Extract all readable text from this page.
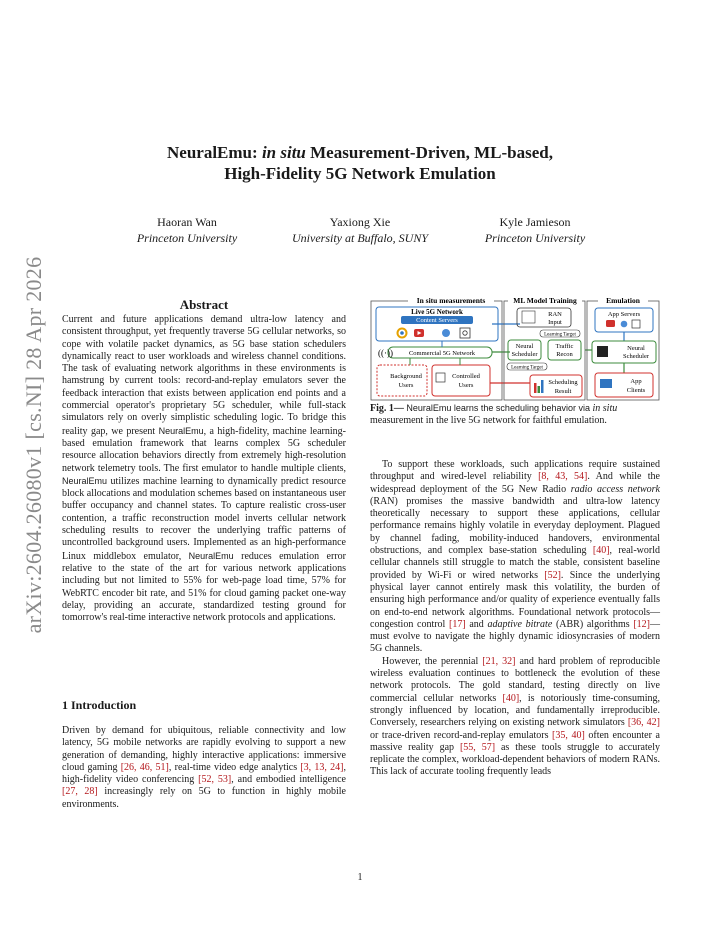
arXiv:2604.26080v1 [cs.NI] 28 Apr 2026
NeuralEmu: in situ Measurement-Driven, ML-based,
High-Fidelity 5G Network Emulation
Haoran Wan
Princeton University
Yaxiong Xie
University at Buffalo, SUNY
Kyle Jamieson
Princeton University
Abstract

Current and future applications demand ultra-low latency and consistent throughput, yet frequently traverse 5G cellular networks, so cope with volatile packet dynamics, as 5G base station schedulers dynamically react to user workloads and wireless channel conditions. The task of evaluating network algorithms in these environments is hamstrung by current tools: record-and-replay emulators sever the feedback interaction that exists between application end points and a commercial operator's proprietary 5G scheduler, while full-stack simulators rely on overly simplistic scheduling logic. To bridge this reality gap, we present NeuralEmu, a high-fidelity, machine learning-based emulation framework that learns complex 5G scheduler resource allocation behaviors directly from extremely high-resolution network telemetry tools. The first emulator to handle multiple clients, NeuralEmu utilizes machine learning to dynamically predict resource block allocations and modulation schemes based on instantaneous user buffer occupancy and channel states. To capture realistic cross-user contention, a traffic reconstruction model inverts cellular network scheduling results to recover the underlying traffic patterns of uncontrolled background users. Implemented as an high-performance Linux middlebox emulator, NeuralEmu reduces emulation error relative to the state of the art for various network applications including but not limited to 55% for web-page load time, 57% for WebRTC encoder bit rate, and 51% for cloud gaming packet one-way delay, providing an accurate, standardized testing ground for tomorrow's real-time interactive network protocols and applications.

1 Introduction

Driven by demand for ubiquitous, reliable connectivity and low latency, 5G mobile networks are rapidly evolving to support a new generation of demanding, highly interactive applications: immersive cloud gaming [26, 46, 51], real-time video edge analytics [3, 13, 24], high-fidelity video conferencing [52, 53], and embodied intelligence [27, 28] increasingly rely on 5G to function in highly mobile environments.

In situ measurements
Live 5G Network
Content Servers
((·)) Commercial 5G Network
Background
Users
Controlled
Users
ML Model Training
RAN
Input
Learning Target
Neural
Scheduler
Traffic
Recon
Learning Target
Scheduling
Result
Emulation
App Servers
Neural
Scheduler
App
Clients
Fig. 1— NeuralEmu learns the scheduling behavior via in situ measurement in the live 5G network for faithful emulation.

To support these workloads, such applications require sustained throughput and wired-level reliability [8, 43, 54]. And while the widespread deployment of the 5G New Radio radio access network (RAN) promises the massive bandwidth and ultra-low latency theoretically necessary to support these applications, cellular performance remains highly volatile in everyday deployment. Plagued by channel fading, mobility-induced handovers, environmental obstructions, and complex base-station scheduling [40], real-world cellular channels still struggle to match the stable, consistent baseline provided by Wi-Fi or wired networks [52]. Since the underlying physical layer cannot entirely mask this volatility, the burden of ensuring high performance and/or quality of experience eventually falls on end-to-end network algorithms. Foundational network protocols—congestion control [17] and adaptive bitrate (ABR) algorithms [12]—must evolve to navigate the highly dynamic idiosyncrasies of modern 5G channels.

However, the perennial [21, 32] and hard problem of reproducible wireless evaluation continues to bottleneck the evolution of these network protocols. The gold standard, testing directly on live commercial cellular networks [40], is notoriously time-consuming, strongly influenced by location, and fundamentally irreproducible. Conversely, researchers relying on existing network simulators [36, 42] or trace-driven record-and-replay emulators [35, 40] often encounter a massive reality gap [55, 57] as these tools struggle to accurately replicate the complex, workload-dependent behaviors of modern RANs. This lack of accurate tooling frequently leads

1
